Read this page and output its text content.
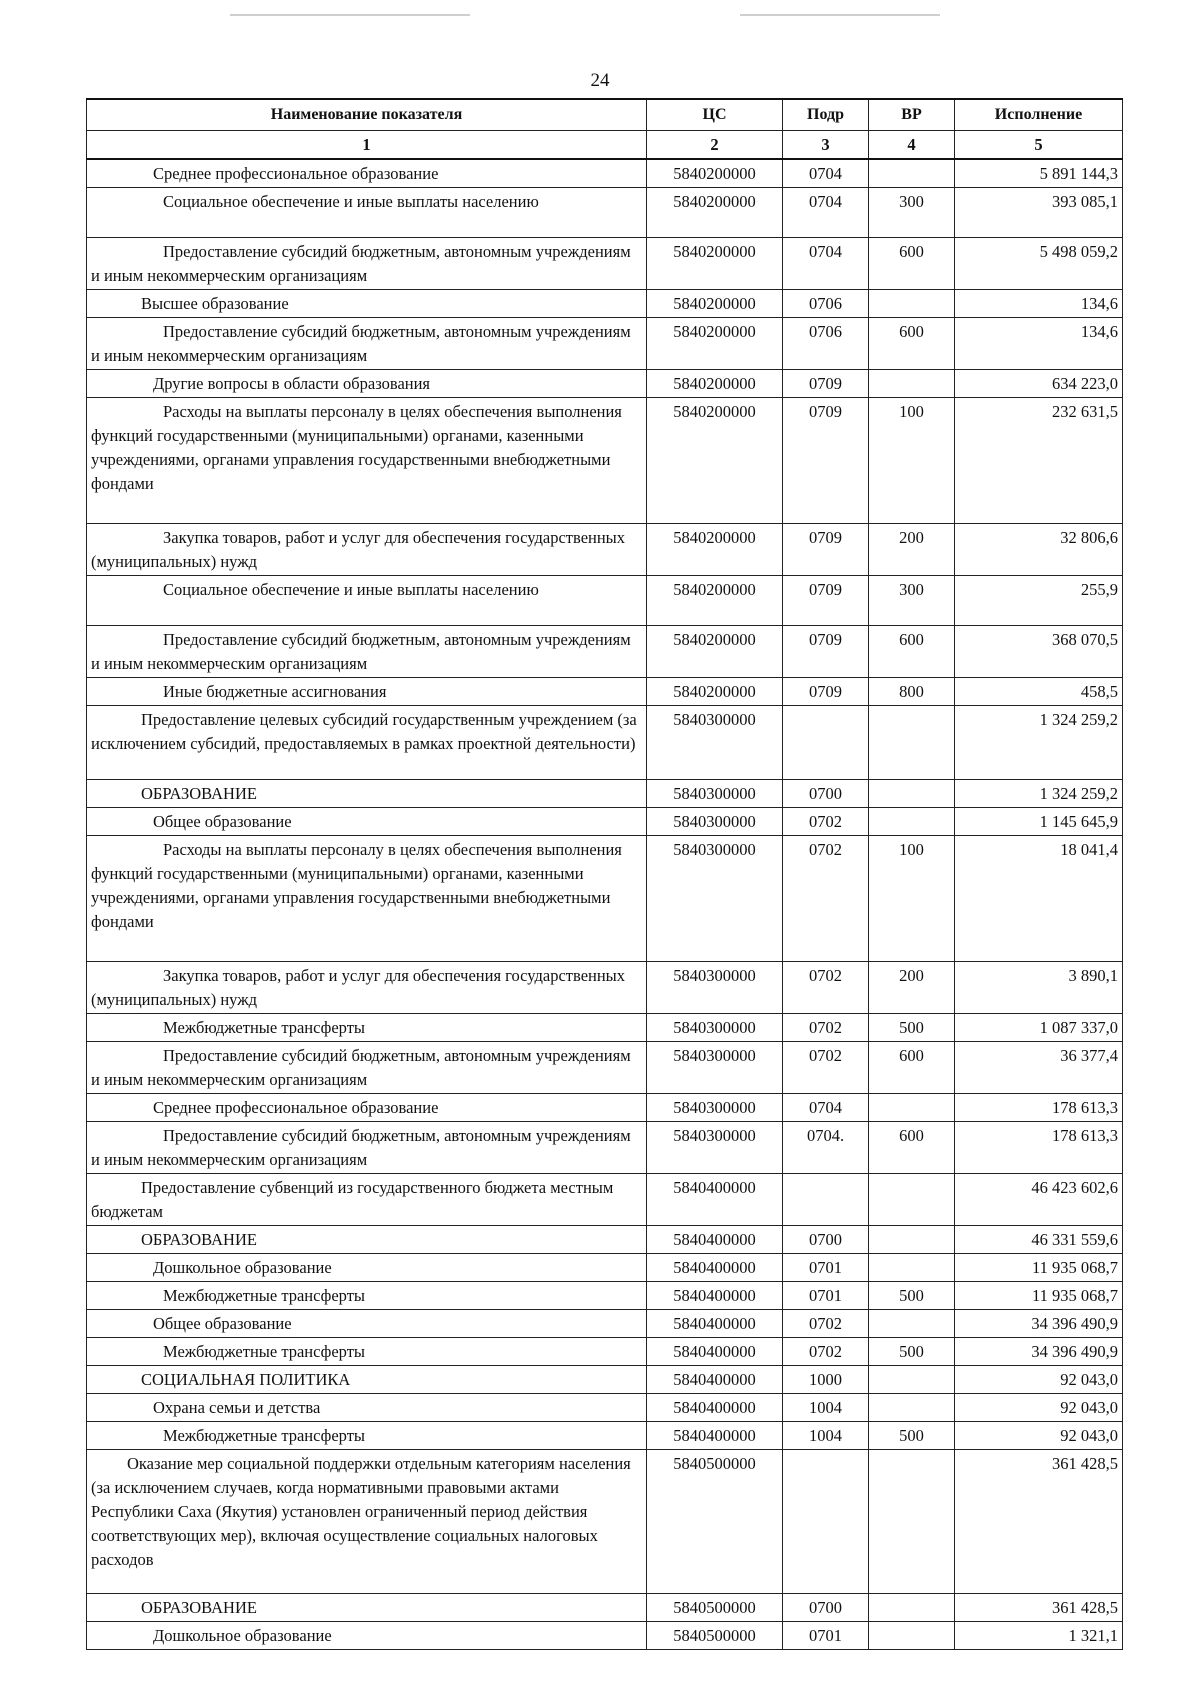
24
Наименование показателя	ЦС	Подр	ВР	Исполнение
1	2	3	4	5

Среднее профессиональное образование	5840200000	0704		5 891 144,3

Социальное обеспечение и иные выплаты населению	5840200000	0704	300	393 085,1

Предоставление субсидий бюджетным, автономным учреждениям и иным некоммерческим организациям	5840200000	0704	600	5 498 059,2

Высшее образование	5840200000	0706		134,6

Предоставление субсидий бюджетным, автономным учреждениям и иным некоммерческим организациям	5840200000	0706	600	134,6

Другие вопросы в области образования	5840200000	0709		634 223,0

Расходы на выплаты персоналу в целях обеспечения выполнения функций государственными (муниципальными) органами, казенными учреждениями, органами управления государственными внебюджетными фондами	5840200000	0709	100	232 631,5

Закупка товаров, работ и услуг для обеспечения государственных (муниципальных) нужд	5840200000	0709	200	32 806,6

Социальное обеспечение и иные выплаты населению	5840200000	0709	300	255,9

Предоставление субсидий бюджетным, автономным учреждениям и иным некоммерческим организациям	5840200000	0709	600	368 070,5

Иные бюджетные ассигнования	5840200000	0709	800	458,5

Предоставление целевых субсидий государственным учреждением (за исключением субсидий, предоставляемых в рамках проектной деятельности)	5840300000			1 324 259,2

ОБРАЗОВАНИЕ	5840300000	0700		1 324 259,2

Общее образование	5840300000	0702		1 145 645,9

Расходы на выплаты персоналу в целях обеспечения выполнения функций государственными (муниципальными) органами, казенными учреждениями, органами управления государственными внебюджетными фондами	5840300000	0702	100	18 041,4

Закупка товаров, работ и услуг для обеспечения государственных (муниципальных) нужд	5840300000	0702	200	3 890,1

Межбюджетные трансферты	5840300000	0702	500	1 087 337,0

Предоставление субсидий бюджетным, автономным учреждениям и иным некоммерческим организациям	5840300000	0702	600	36 377,4

Среднее профессиональное образование	5840300000	0704		178 613,3

Предоставление субсидий бюджетным, автономным учреждениям и иным некоммерческим организациям	5840300000	0704.	600	178 613,3

Предоставление субвенций из государственного бюджета местным бюджетам	5840400000			46 423 602,6

ОБРАЗОВАНИЕ	5840400000	0700		46 331 559,6

Дошкольное образование	5840400000	0701		11 935 068,7

Межбюджетные трансферты	5840400000	0701	500	11 935 068,7

Общее образование	5840400000	0702		34 396 490,9

Межбюджетные трансферты	5840400000	0702	500	34 396 490,9

СОЦИАЛЬНАЯ ПОЛИТИКА	5840400000	1000		92 043,0

Охрана семьи и детства	5840400000	1004		92 043,0

Межбюджетные трансферты	5840400000	1004	500	92 043,0

Оказание мер социальной поддержки отдельным категориям населения (за исключением случаев, когда нормативными правовыми актами Республики Саха (Якутия) установлен ограниченный период действия соответствующих мер), включая осуществление социальных налоговых расходов	5840500000			361 428,5

ОБРАЗОВАНИЕ	5840500000	0700		361 428,5

Дошкольное образование	5840500000	0701		1 321,1
